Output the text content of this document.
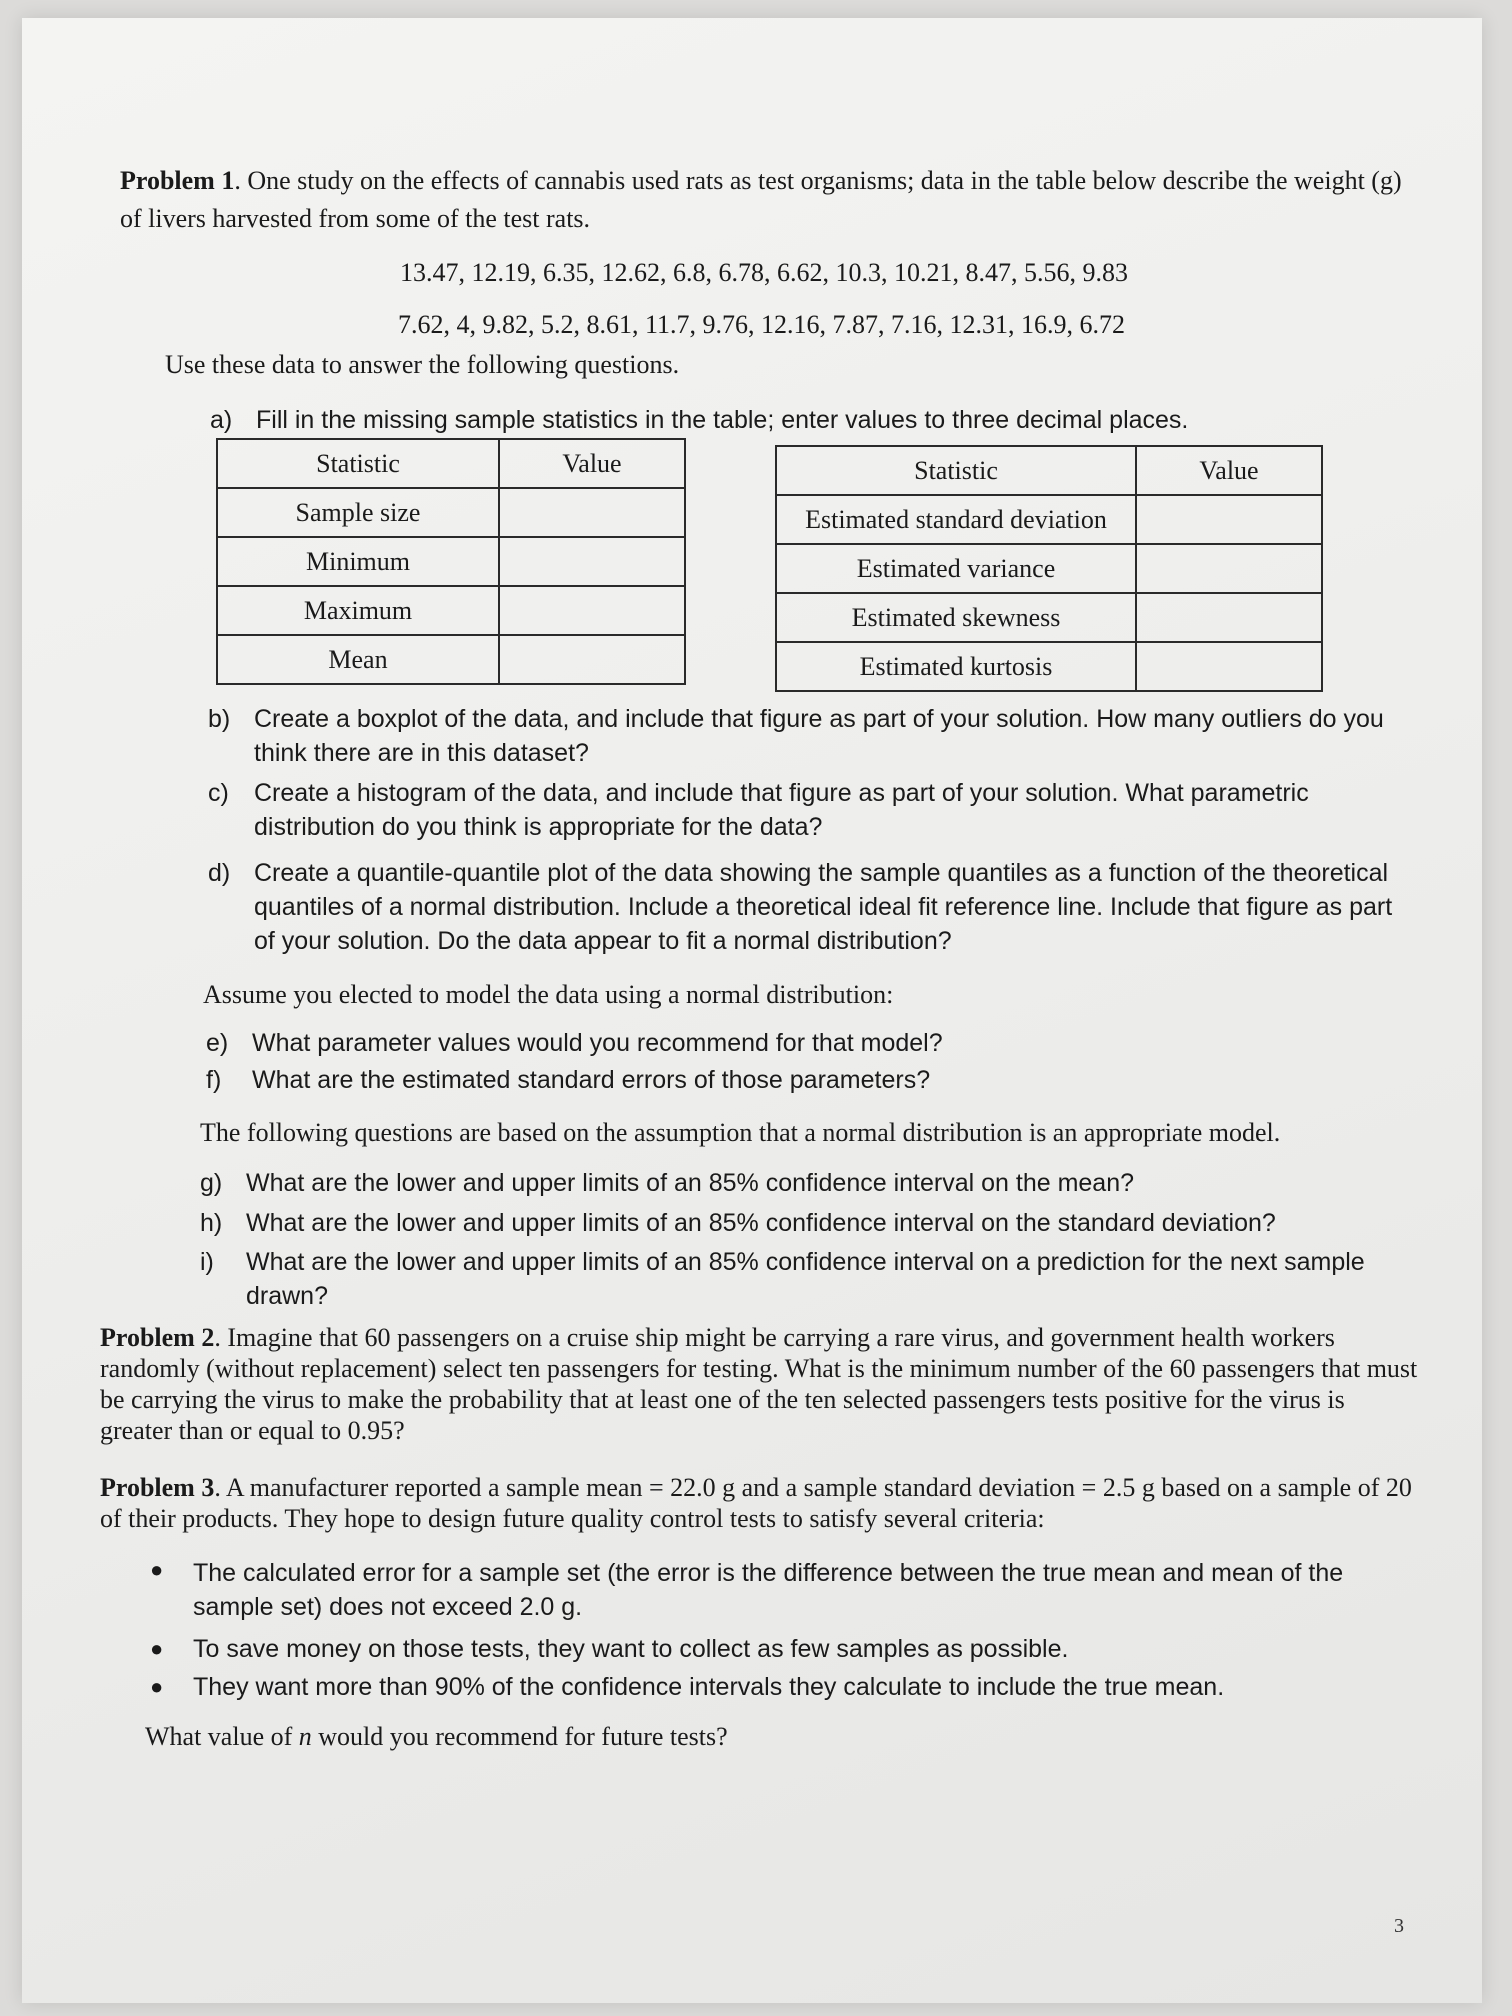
Problem 1. One study on the effects of cannabis used rats as test organisms; data in the table below describe the weight (g) of livers harvested from some of the test rats.
13.47, 12.19, 6.35, 12.62, 6.8, 6.78, 6.62, 10.3, 10.21, 8.47, 5.56, 9.83
7.62, 4, 9.82, 5.2, 8.61, 11.7, 9.76, 12.16, 7.87, 7.16, 12.31, 16.9, 6.72
Use these data to answer the following questions.
a) Fill in the missing sample statistics in the table; enter values to three decimal places.
Statistic	Value
Sample size	
Minimum	
Maximum	
Mean	
Statistic	Value
Estimated standard deviation	
Estimated variance	
Estimated skewness	
Estimated kurtosis	
b) Create a boxplot of the data, and include that figure as part of your solution. How many outliers do you think there are in this dataset?
c) Create a histogram of the data, and include that figure as part of your solution. What parametric distribution do you think is appropriate for the data?
d) Create a quantile-quantile plot of the data showing the sample quantiles as a function of the theoretical quantiles of a normal distribution. Include a theoretical ideal fit reference line. Include that figure as part of your solution. Do the data appear to fit a normal distribution?
Assume you elected to model the data using a normal distribution:
e) What parameter values would you recommend for that model?
f) What are the estimated standard errors of those parameters?
The following questions are based on the assumption that a normal distribution is an appropriate model.
g) What are the lower and upper limits of an 85% confidence interval on the mean?
h) What are the lower and upper limits of an 85% confidence interval on the standard deviation?
i) What are the lower and upper limits of an 85% confidence interval on a prediction for the next sample drawn?
Problem 2. Imagine that 60 passengers on a cruise ship might be carrying a rare virus, and government health workers randomly (without replacement) select ten passengers for testing. What is the minimum number of the 60 passengers that must be carrying the virus to make the probability that at least one of the ten selected passengers tests positive for the virus is greater than or equal to 0.95?
Problem 3. A manufacturer reported a sample mean = 22.0 g and a sample standard deviation = 2.5 g based on a sample of 20 of their products. They hope to design future quality control tests to satisfy several criteria:
● The calculated error for a sample set (the error is the difference between the true mean and mean of the sample set) does not exceed 2.0 g.
● To save money on those tests, they want to collect as few samples as possible.
● They want more than 90% of the confidence intervals they calculate to include the true mean.
What value of n would you recommend for future tests?
3
